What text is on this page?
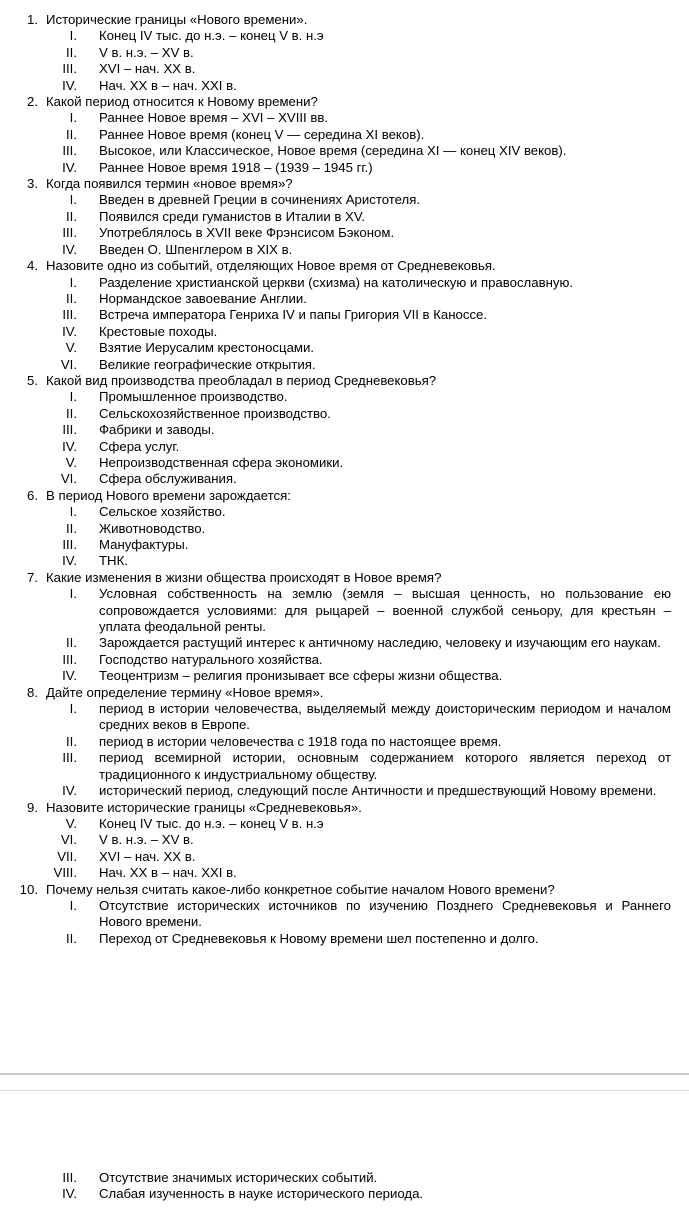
1. Исторические границы «Нового времени».
I.	Конец IV тыс. до н.э. – конец V в. н.э
II.	V в. н.э. – XV в.
III.	XVI – нач. XX в.
IV.	Нач. XX в – нач. XXI в.
2. Какой период относится к Новому времени?
I.	Раннее Новое время – XVI – XVIII вв.
II.	Раннее Новое время (конец V — середина XI веков).
III.	Высокое, или Классическое, Новое время (середина XI — конец XIV веков).
IV.	Раннее Новое время 1918 – (1939 – 1945 гг.)
3. Когда появился термин «новое время»?
I.	Введен в древней Греции в сочинениях Аристотеля.
II.	Появился среди гуманистов в Италии в XV.
III.	Употреблялось в XVII веке Фрэнсисом Бэконом.
IV.	Введен О. Шпенглером в XIX в.
4. Назовите одно из событий, отделяющих Новое время от Средневековья.
I.	Разделение христианской церкви (схизма) на католическую и православную.
II.	Нормандское завоевание Англии.
III.	Встреча императора Генриха IV и папы Григория VII в Каноссе.
IV.	Крестовые походы.
V.	Взятие Иерусалим крестоносцами.
VI.	Великие географические открытия.
5. Какой вид производства преобладал в период Средневековья?
I.	Промышленное производство.
II.	Сельскохозяйственное производство.
III.	Фабрики и заводы.
IV.	Сфера услуг.
V.	Непроизводственная сфера экономики.
VI.	Сфера обслуживания.
6. В период Нового времени зарождается:
I.	Сельское хозяйство.
II.	Животноводство.
III.	Мануфактуры.
IV.	ТНК.
7. Какие изменения в жизни общества происходят в Новое время?
I.	Условная собственность на землю (земля – высшая ценность, но пользование ею сопровождается условиями: для рыцарей – военной службой сеньору, для крестьян – уплата феодальной ренты.
II.	Зарождается растущий интерес к античному наследию, человеку и изучающим его наукам.
III.	Господство натурального хозяйства.
IV.	Теоцентризм – религия пронизывает все сферы жизни общества.
8. Дайте определение термину «Новое время».
I.	период в истории человечества, выделяемый между доисторическим периодом и началом средних веков в Европе.
II.	период в истории человечества с 1918 года по настоящее время.
III.	период всемирной истории, основным содержанием которого является переход от традиционного к индустриальному обществу.
IV.	исторический период, следующий после Античности и предшествующий Новому времени.
9. Назовите исторические границы «Средневековья».
V.	Конец IV тыс. до н.э. – конец V в. н.э
VI.	V в. н.э. – XV в.
VII.	XVI – нач. XX в.
VIII.	Нач. XX в – нач. XXI в.
10. Почему нельзя считать какое-либо конкретное событие началом Нового времени?
I.	Отсутствие исторических источников по изучению Позднего Средневековья и Раннего Нового времени.
II.	Переход от Средневековья к Новому времени шел постепенно и долго.
III.	Отсутствие значимых исторических событий.
IV.	Слабая изученность в науке исторического периода.
